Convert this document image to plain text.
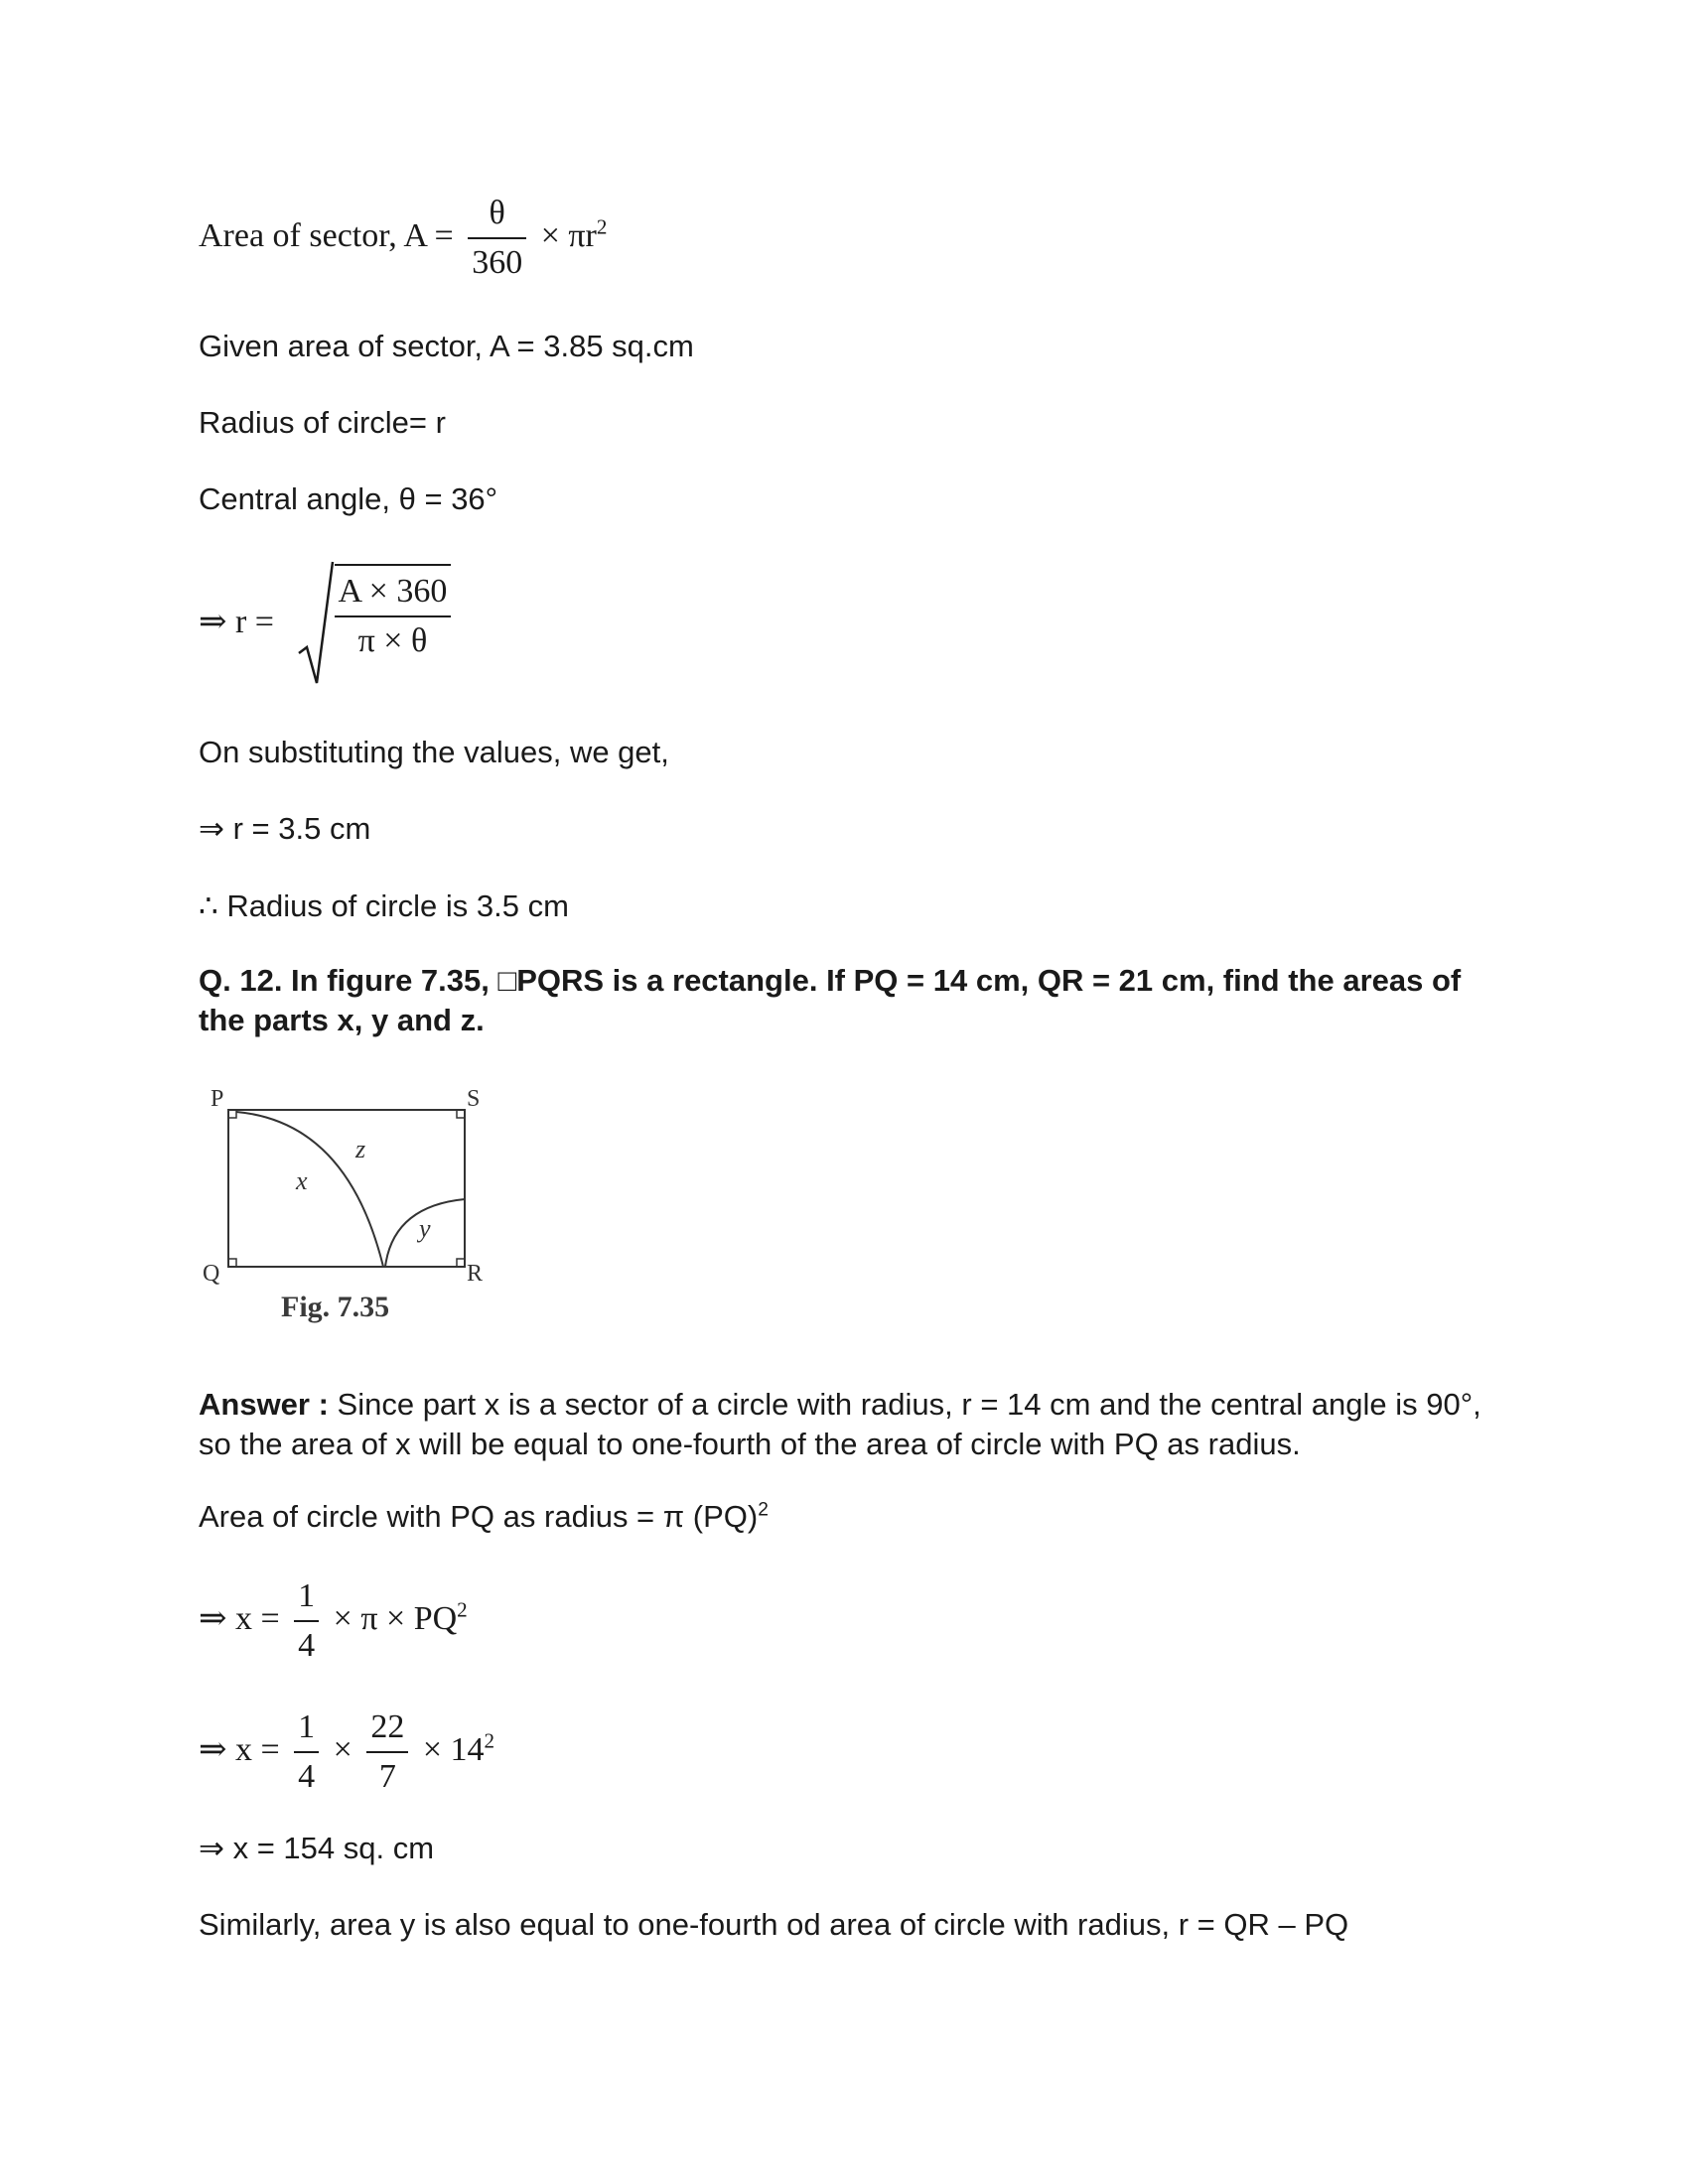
Area of sector, $A = \frac{\theta}{360} \times \pi r^2$
Given area of sector, A = 3.85 sq.cm
Radius of circle= r
Central angle, θ = 36°
⇒ $r = \frac{A \times 360}{\pi \times \theta}$
On substituting the values, we get,
⇒ r = 3.5 cm
∴ Radius of circle is 3.5 cm
Q. 12. In figure 7.35, □PQRS is a rectangle. If PQ = 14 cm, QR = 21 cm, find the areas of the parts x, y and z.
P	S
Q	R
x
y
z
Fig. 7.35
Answer : Since part x is a sector of a circle with radius, r = 14 cm and the central angle is 90°, so the area of x will be equal to one-fourth of the area of circle with PQ as radius.
Area of circle with PQ as radius = π (PQ)$^2$
⇒ $x = \frac{1}{4} \times \pi \times PQ^2$
⇒ $x = \frac{1}{4} \times \frac{22}{7} \times 14^2$
⇒ x = 154 sq. cm
Similarly, area y is also equal to one-fourth od area of circle with radius, r = QR – PQ
